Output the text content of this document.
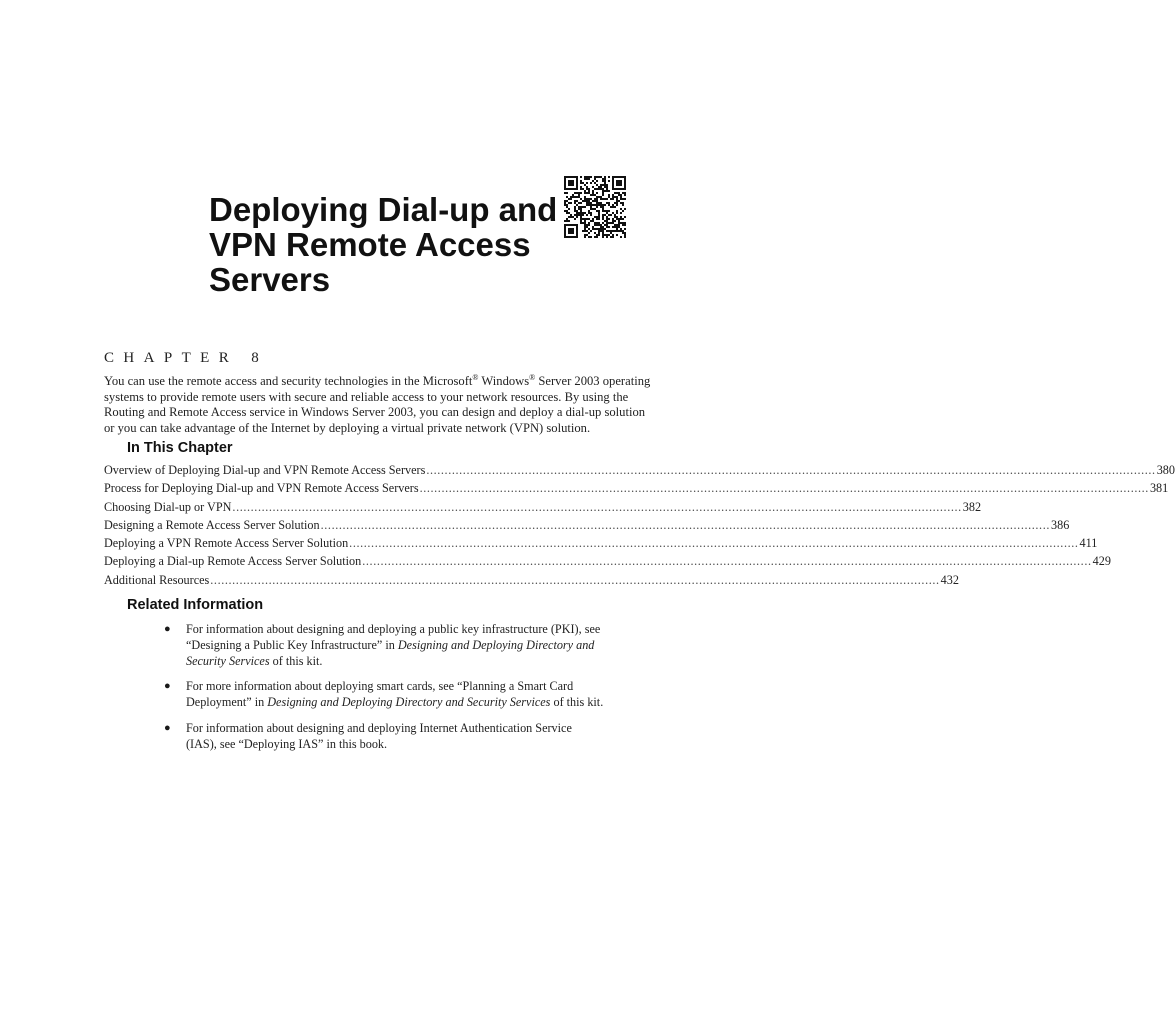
Deploying Dial-up and
VPN Remote Access
Servers
CHAPTER 8
You can use the remote access and security technologies in the Microsoft® Windows® Server 2003 operating
systems to provide remote users with secure and reliable access to your network resources. By using the
Routing and Remote Access service in Windows Server 2003, you can design and deploy a dial-up solution
or you can take advantage of the Internet by deploying a virtual private network (VPN) solution.
In This Chapter
Overview of Deploying Dial-up and VPN Remote Access Servers ........................................................................................................................................................................................................ 380
Process for Deploying Dial-up and VPN Remote Access Servers ........................................................................................................................................................................................................ 381
Choosing Dial-up or VPN ........................................................................................................................................................................................................ 382
Designing a Remote Access Server Solution ........................................................................................................................................................................................................ 386
Deploying a VPN Remote Access Server Solution ........................................................................................................................................................................................................ 411
Deploying a Dial-up Remote Access Server Solution ........................................................................................................................................................................................................ 429
Additional Resources ........................................................................................................................................................................................................ 432
Related Information
●	For information about designing and deploying a public key infrastructure (PKI), see
“Designing a Public Key Infrastructure” in Designing and Deploying Directory and
Security Services of this kit.
●	For more information about deploying smart cards, see “Planning a Smart Card
Deployment” in Designing and Deploying Directory and Security Services of this kit.
●	For information about designing and deploying Internet Authentication Service
(IAS), see “Deploying IAS” in this book.
